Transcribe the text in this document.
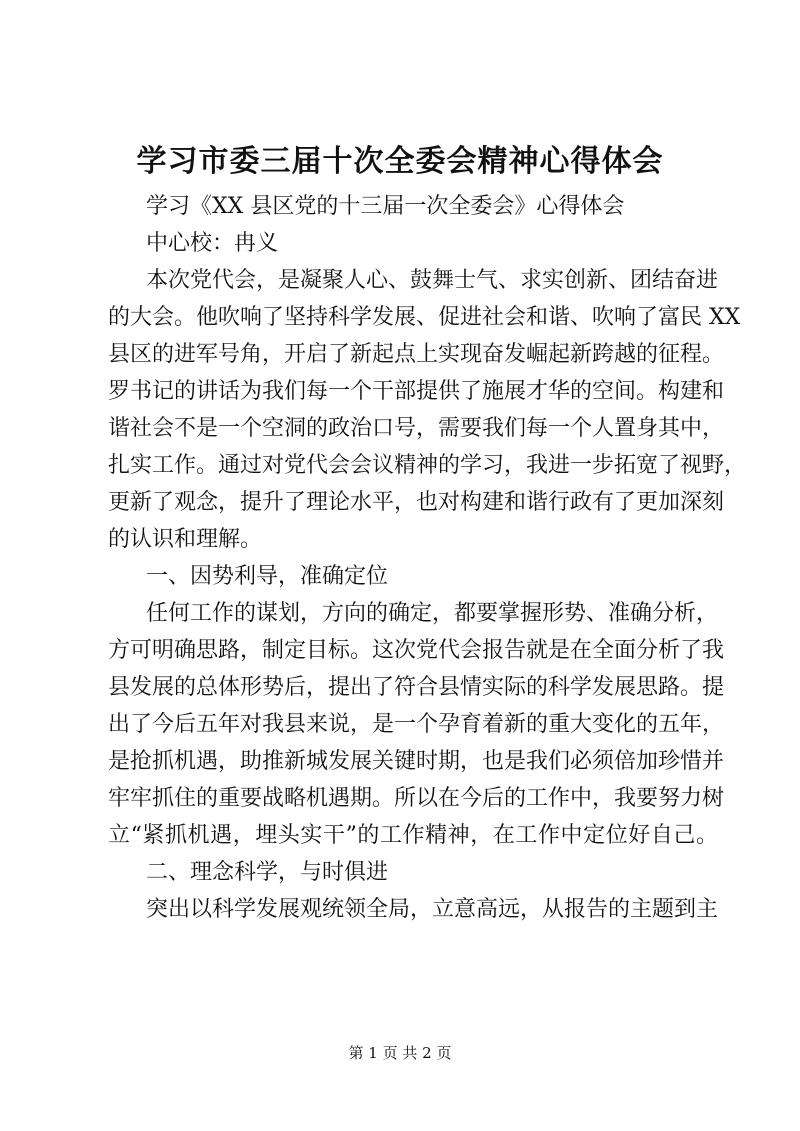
学习市委三届十次全委会精神心得体会
学习《XX 县区党的十三届一次全委会》心得体会
中心校：冉义
本次党代会，是凝聚人心、鼓舞士气、求实创新、团结奋进
的大会。他吹响了坚持科学发展、促进社会和谐、吹响了富民 XX
县区的进军号角，开启了新起点上实现奋发崛起新跨越的征程。
罗书记的讲话为我们每一个干部提供了施展才华的空间。构建和
谐社会不是一个空洞的政治口号，需要我们每一个人置身其中，
扎实工作。通过对党代会会议精神的学习，我进一步拓宽了视野，
更新了观念，提升了理论水平，也对构建和谐行政有了更加深刻
的认识和理解。
一、因势利导，准确定位
任何工作的谋划，方向的确定，都要掌握形势、准确分析，
方可明确思路，制定目标。这次党代会报告就是在全面分析了我
县发展的总体形势后，提出了符合县情实际的科学发展思路。提
出了今后五年对我县来说，是一个孕育着新的重大变化的五年，
是抢抓机遇，助推新城发展关键时期，也是我们必须倍加珍惜并
牢牢抓住的重要战略机遇期。所以在今后的工作中，我要努力树
立“紧抓机遇，埋头实干”的工作精神，在工作中定位好自己。
二、理念科学，与时俱进
突出以科学发展观统领全局，立意高远，从报告的主题到主
第 1 页 共 2 页
